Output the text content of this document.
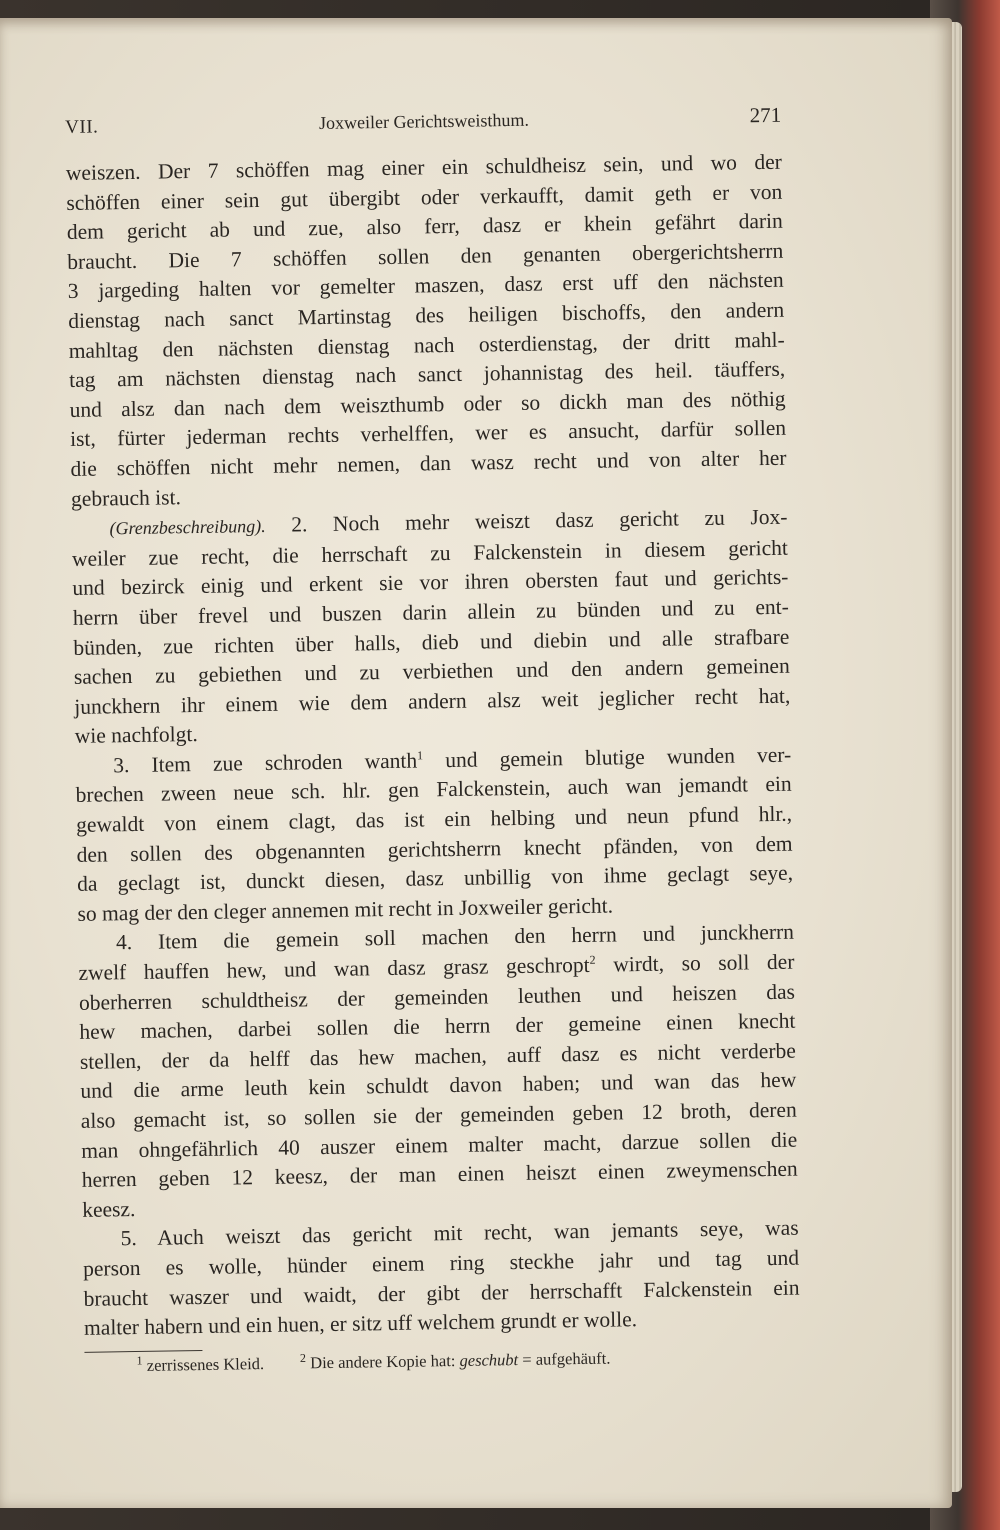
VII.	Joxweiler Gerichtsweisthum.	271

weiszen. Der 7 schöffen mag einer ein schuldheisz sein, und wo der
schöffen einer sein gut übergibt oder verkaufft, damit geth er von
dem gericht ab und zue, also ferr, dasz er khein gefährt darin
braucht. Die 7 schöffen sollen den genanten obergerichtsherrn
3 jargeding halten vor gemelter maszen, dasz erst uff den nächsten
dienstag nach sanct Martinstag des heiligen bischoffs, den andern
mahltag den nächsten dienstag nach osterdienstag, der dritt mahl-
tag am nächsten dienstag nach sanct johannistag des heil. täuffers,
und alsz dan nach dem weiszthumb oder so dickh man des nöthig
ist, fürter jederman rechts verhelffen, wer es ansucht, darfür sollen
die schöffen nicht mehr nemen, dan wasz recht und von alter her
gebrauch ist.

(Grenzbeschreibung). 2. Noch mehr weiszt dasz gericht zu Jox-
weiler zue recht, die herrschaft zu Falckenstein in diesem gericht
und bezirck einig und erkent sie vor ihren obersten faut und gerichts-
herrn über frevel und buszen darin allein zu bünden und zu ent-
bünden, zue richten über halls, dieb und diebin und alle strafbare
sachen zu gebiethen und zu verbiethen und den andern gemeinen
junckhern ihr einem wie dem andern alsz weit jeglicher recht hat,
wie nachfolgt.

3. Item zue schroden wanth$^1$ und gemein blutige wunden ver-
brechen zween neue sch. hlr. gen Falckenstein, auch wan jemandt ein
gewaldt von einem clagt, das ist ein helbing und neun pfund hlr.,
den sollen des obgenannten gerichtsherrn knecht pfänden, von dem
da geclagt ist, dunckt diesen, dasz unbillig von ihme geclagt seye,
so mag der den cleger annemen mit recht in Joxweiler gericht.

4. Item die gemein soll machen den herrn und junckherrn
zwelf hauffen hew, und wan dasz grasz geschropt$^2$ wirdt, so soll der
oberherren schuldtheisz der gemeinden leuthen und heiszen das
hew machen, darbei sollen die herrn der gemeine einen knecht
stellen, der da helff das hew machen, auff dasz es nicht verderbe
und die arme leuth kein schuldt davon haben; und wan das hew
also gemacht ist, so sollen sie der gemeinden geben 12 broth, deren
man ohngefährlich 40 auszer einem malter macht, darzue sollen die
herren geben 12 keesz, der man einen heiszt einen zweymenschen
keesz.

5. Auch weiszt das gericht mit recht, wan jemants seye, was
person es wolle, hünder einem ring steckhe jahr und tag und
braucht waszer und waidt, der gibt der herrschafft Falckenstein ein
malter habern und ein huen, er sitz uff welchem grundt er wolle.

$^1$ zerrissenes Kleid.	$^2$ Die andere Kopie hat: geschubt = aufgehäuft.
